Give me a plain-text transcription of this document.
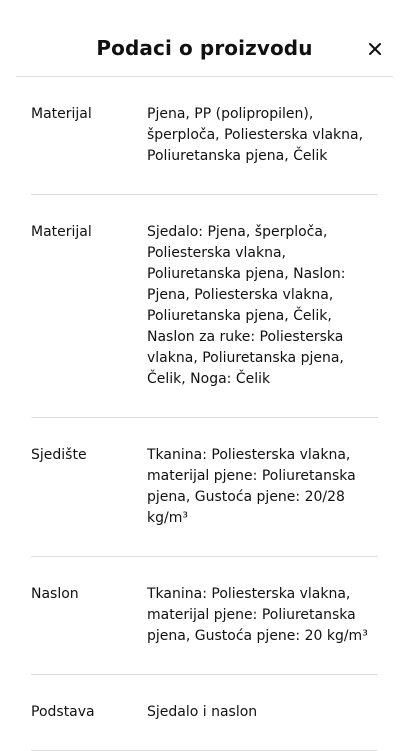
Podaci o proizvodu
Materijal	Pjena, PP (polipropilen), šperploča, Poliesterska vlakna, Poliuretanska pjena, Čelik
Materijal	Sjedalo: Pjena, šperploča, Poliesterska vlakna, Poliuretanska pjena, Naslon: Pjena, Poliesterska vlakna, Poliuretanska pjena, Čelik, Naslon za ruke: Poliesterska vlakna, Poliuretanska pjena, Čelik, Noga: Čelik
Sjedište	Tkanina: Poliesterska vlakna, materijal pjene: Poliuretanska pjena, Gustoća pjene: 20/28 kg/m³
Naslon	Tkanina: Poliesterska vlakna, materijal pjene: Poliuretanska pjena, Gustoća pjene: 20 kg/m³
Podstava	Sjedalo i naslon
